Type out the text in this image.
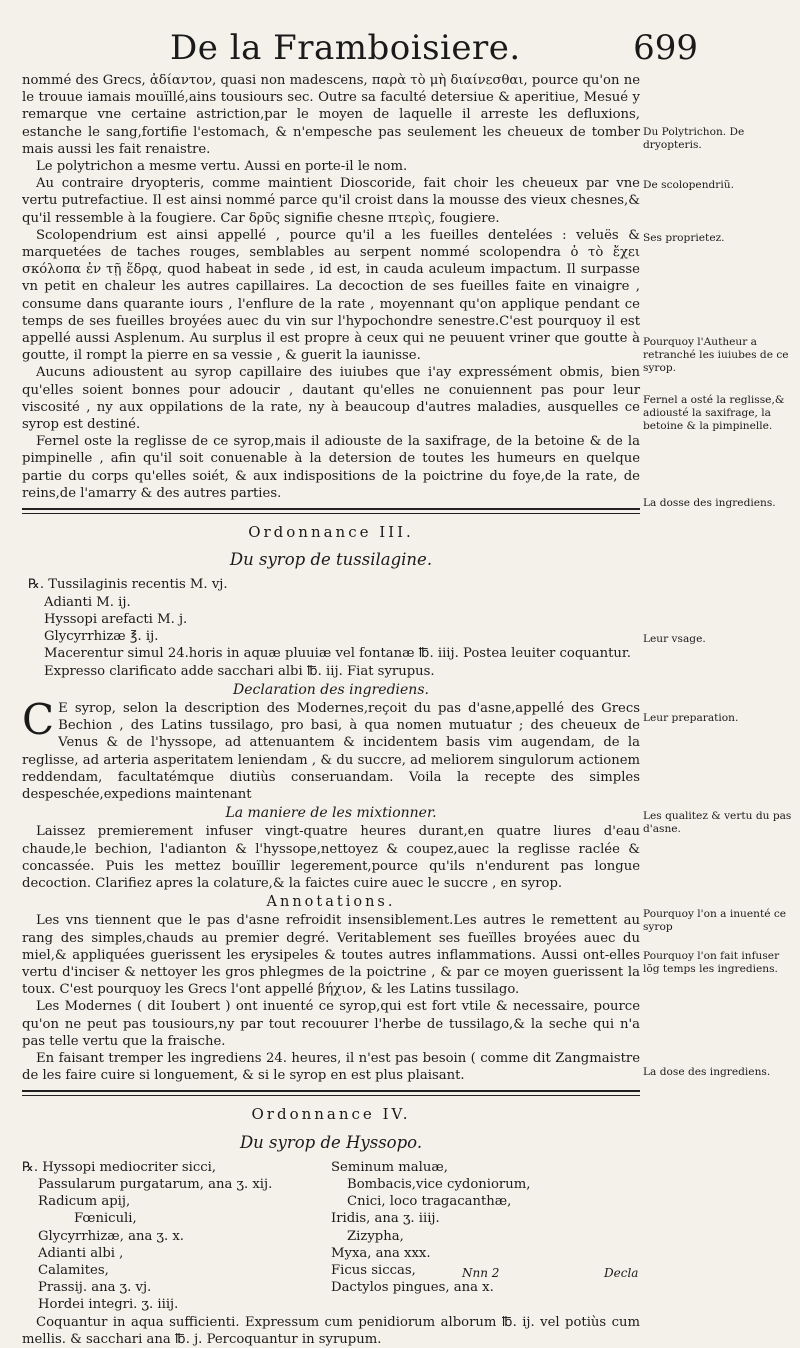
De la Framboisiere.	699

nommé des Grecs, ἀδίαντον, quasi non madescens, παρὰ τὸ μὴ διαίνεσθαι, pource qu'on ne le trouue iamais mouïllé,ains tousiours sec. Outre sa faculté detersiue & aperitiue, Mesué y remarque vne certaine astriction,par le moyen de laquelle il arreste les defluxions, estanche le sang,fortifie l'estomach, & n'empesche pas seulement les cheueux de tomber mais aussi les fait renaistre.

Le polytrichon a mesme vertu. Aussi en porte-il le nom.

Au contraire dryopteris, comme maintient Dioscoride, fait choir les cheueux par vne vertu putrefactiue. Il est ainsi nommé parce qu'il croist dans la mousse des vieux chesnes,& qu'il ressemble à la fougiere. Car δρῦς signifie chesne πτερὶς, fougiere.

Scolopendrium est ainsi appellé , pource qu'il a les fueilles dentelées : veluës & marquetées de taches rouges, semblables au serpent nommé scolopendra ὁ τὸ ἔχει σκόλοπα ἐν τῇ ἕδρᾳ, quod habeat in sede , id est, in cauda aculeum impactum. Il surpasse vn petit en chaleur les autres capillaires. La decoction de ses fueilles faite en vinaigre , consume dans quarante iours , l'enflure de la rate , moyennant qu'on applique pendant ce temps de ses fueilles broyées auec du vin sur l'hypochondre senestre.C'est pourquoy il est appellé aussi Asplenum. Au surplus il est propre à ceux qui ne peuuent vriner que goutte à goutte, il rompt la pierre en sa vessie , & guerit la iaunisse.

Aucuns adioustent au syrop capillaire des iuiubes que i'ay expressément obmis, bien qu'elles soient bonnes pour adoucir , dautant qu'elles ne conuiennent pas pour leur viscosité , ny aux oppilations de la rate, ny à beaucoup d'autres maladies, ausquelles ce syrop est destiné.

Fernel oste la reglisse de ce syrop,mais il adiouste de la saxifrage, de la betoine & de la pimpinelle , afin qu'il soit conuenable à la detersion de toutes les humeurs en quelque partie du corps qu'elles soiét, & aux indispositions de la poictrine du foye,de la rate, de reins,de l'amarry & des autres parties.

Ordonnance III.
Du syrop de tussilagine.
℞. Tussilaginis recentis M. vj.
Adianti M. ij.
Hyssopi arefacti M. j.
Glycyrrhizæ ℥. ij.
Macerentur simul 24.horis in aquæ pluuiæ vel fontanæ ℔. iiij. Postea leuiter coquantur.
Expresso clarificato adde sacchari albi ℔. iij. Fiat syrupus.
Declaration des ingrediens.

C E syrop, selon la description des Modernes,reçoit du pas d'asne,appellé des Grecs Bechion , des Latins tussilago, pro basi, à qua nomen mutuatur ; des cheueux de Venus & de l'hyssope, ad attenuantem & incidentem basis vim augendam, de la reglisse, ad arteria asperitatem leniendam , & du succre, ad meliorem singulorum actionem reddendam, facultatémque diutiùs conseruandam. Voila la recepte des simples despeschée,expedions maintenant

La maniere de les mixtionner.

Laissez premierement infuser vingt-quatre heures durant,en quatre liures d'eau chaude,le bechion, l'adianton & l'hyssope,nettoyez & coupez,auec la reglisse raclée & concassée. Puis les mettez bouïllir legerement,pource qu'ils n'endurent pas longue decoction. Clarifiez apres la colature,& la faictes cuire auec le succre , en syrop.

Annotations.

Les vns tiennent que le pas d'asne refroidit insensiblement.Les autres le remettent au rang des simples,chauds au premier degré. Veritablement ses fueïlles broyées auec du miel,& appliquées guerissent les erysipeles & toutes autres inflammations. Aussi ont-elles vertu d'inciser & nettoyer les gros phlegmes de la poictrine , & par ce moyen guerissent la toux. C'est pourquoy les Grecs l'ont appellé βήχιον, & les Latins tussilago.

Les Modernes ( dit Ioubert ) ont inuenté ce syrop,qui est fort vtile & necessaire, pource qu'on ne peut pas tousiours,ny par tout recouurer l'herbe de tussilago,& la seche qui n'a pas telle vertu que la fraische.

En faisant tremper les ingrediens 24. heures, il n'est pas besoin ( comme dit Zangmaistre de les faire cuire si longuement, & si le syrop en est plus plaisant.

Ordonnance IV.
Du syrop de Hyssopo.
℞. Hyssopi mediocriter sicci,
Passularum purgatarum, ana ʒ. xij.
Radicum apij,
Fœniculi,
Glycyrrhizæ, ana ʒ. x.
Adianti albi ,
Calamites,
Prassij. ana ʒ. vj.
Hordei integri. ʒ. iiij.
Seminum maluæ,
Bombacis,vice cydoniorum,
Cnici, loco tragacanthæ,
Iridis, ana ʒ. iiij.
Zizypha,
Myxa, ana xxx.
Ficus siccas,
Dactylos pingues, ana x.

Coquantur in aqua sufficienti. Expressum cum penidiorum alborum ℔. ij. vel potiùs cum mellis. & sacchari ana ℔. j. Percoquantur in syrupum.

Nnn 2	Decla
Du Polytrichon. De dryopteris.
De scolopendriũ.
Ses proprietez.
Pourquoy l'Autheur a retranché les iuiubes de ce syrop.
Fernel a osté la reglisse,& adiousté la saxifrage, la betoine & la pimpinelle.
La dosse des ingrediens.
Leur vsage.
Leur preparation.
Les qualitez & vertu du pas d'asne.
Pourquoy l'on a inuenté ce syrop
Pourquoy l'on fait infuser lõg temps les ingrediens.
La dose des ingrediens.
